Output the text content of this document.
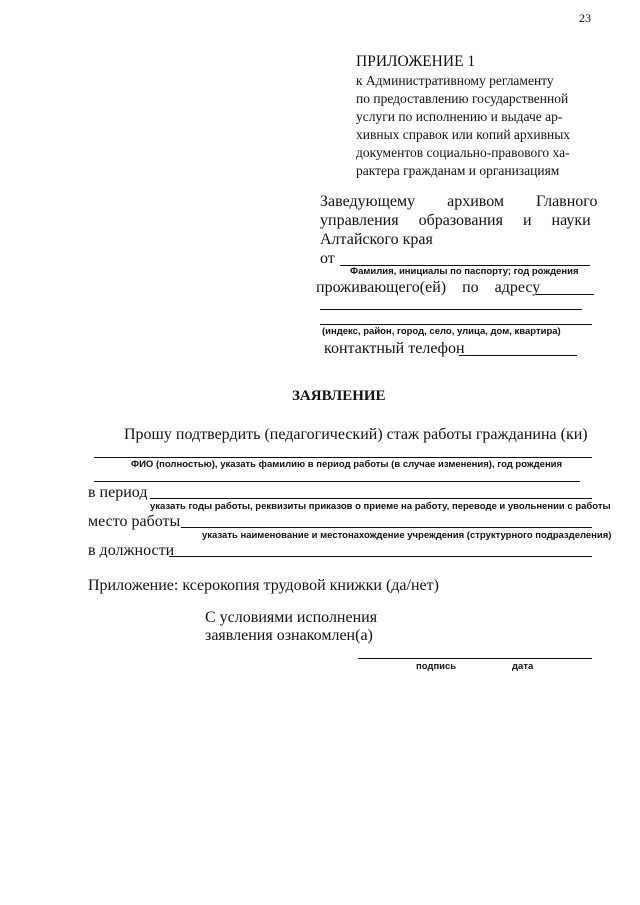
23
ПРИЛОЖЕНИЕ 1
к Административному регламенту
по предоставлению государственной
услуги по исполнению и выдаче ар-
хивных справок или копий архивных
документов социально-правового ха-
рактера гражданам и организациям
Заведующему        архивом        Главного
управления     образования     и     науки
Алтайского края
от
Фамилия, инициалы по паспорту; год рождения
проживающего(ей)    по    адресу
(индекс, район, город, село, улица, дом, квартира)
контактный телефон
ЗАЯВЛЕНИЕ
Прошу подтвердить (педагогический) стаж работы гражданина (ки)
ФИО (полностью), указать фамилию в период работы (в случае изменения), год рождения
в период
указать годы работы, реквизиты приказов о приеме на работу, переводе и увольнении с работы
место работы
указать наименование и местонахождение учреждения (структурного подразделения)
в должности
Приложение: ксерокопия трудовой книжки (да/нет)
С условиями исполнения
заявления ознакомлен(а)
подпись	дата
